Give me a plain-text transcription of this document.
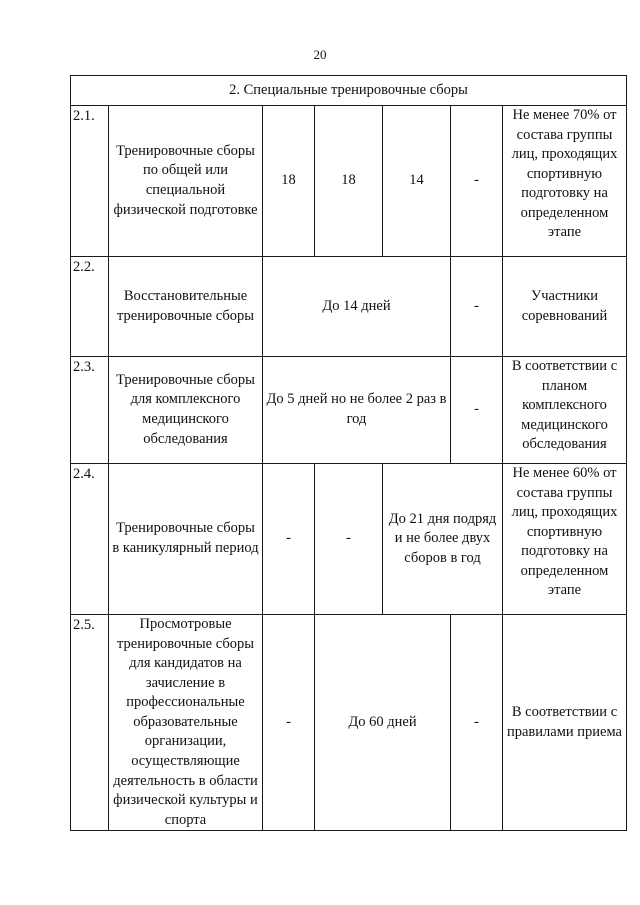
20
2. Специальные тренировочные сборы						
2.1.	Тренировочные сборы по общей или специальной физической подготовке	18	18	14	-	Не менее 70% от состава группы лиц, проходящих спортивную подготовку на определенном этапе
2.2.	Восстановительные тренировочные сборы	До 14 дней			-	Участники соревнований
2.3.	Тренировочные сборы для комплексного медицинского обследования	До 5 дней но не более 2 раз в год			-	В соответствии с планом комплексного медицинского обследования
2.4.	Тренировочные сборы в каникулярный период	-	-	До 21 дня подряд и не более двух сборов в год		Не менее 60% от состава группы лиц, проходящих спортивную подготовку на определенном этапе
2.5.	Просмотровые тренировочные сборы для кандидатов на зачисление в профессиональные образовательные организации, осуществляющие деятельность в области физической культуры и спорта	-	До 60 дней		-	В соответствии с правилами приема
